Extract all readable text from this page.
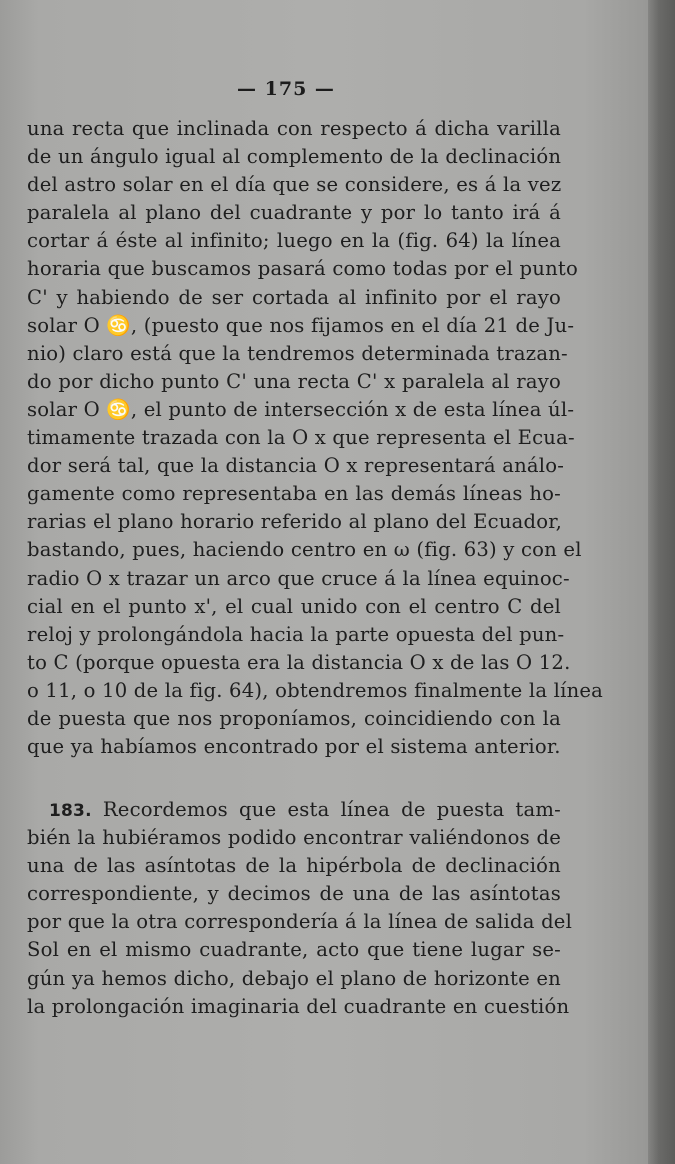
— 175 —
una recta que inclinada con respecto á dicha varilla
de un ángulo igual al complemento de la declinación
del astro solar en el día que se considere, es á la vez
paralela al plano del cuadrante y por lo tanto irá á
cortar á éste al infinito; luego en la (fig. 64) la línea
horaria que buscamos pasará como todas por el punto
C' y habiendo de ser cortada al infinito por el rayo
solar O ♋, (puesto que nos fijamos en el día 21 de Ju-
nio) claro está que la tendremos determinada trazan-
do por dicho punto C' una recta C' x paralela al rayo
solar O ♋, el punto de intersección x de esta línea úl-
timamente trazada con la O x que representa el Ecua-
dor será tal, que la distancia O x representará análo-
gamente como representaba en las demás líneas ho-
rarias el plano horario referido al plano del Ecuador,
bastando, pues, haciendo centro en ω (fig. 63) y con el
radio O x trazar un arco que cruce á la línea equinoc-
cial en el punto x', el cual unido con el centro C del
reloj y prolongándola hacia la parte opuesta del pun-
to C (porque opuesta era la distancia O x de las O 12.
o 11, o 10 de la fig. 64), obtendremos finalmente la línea
de puesta que nos proponíamos, coincidiendo con la
que ya habíamos encontrado por el sistema anterior.
183. Recordemos que esta línea de puesta tam-
bién la hubiéramos podido encontrar valiéndonos de
una de las asíntotas de la hipérbola de declinación
correspondiente, y decimos de una de las asíntotas
por que la otra correspondería á la línea de salida del
Sol en el mismo cuadrante, acto que tiene lugar se-
gún ya hemos dicho, debajo el plano de horizonte en
la prolongación imaginaria del cuadrante en cuestión
